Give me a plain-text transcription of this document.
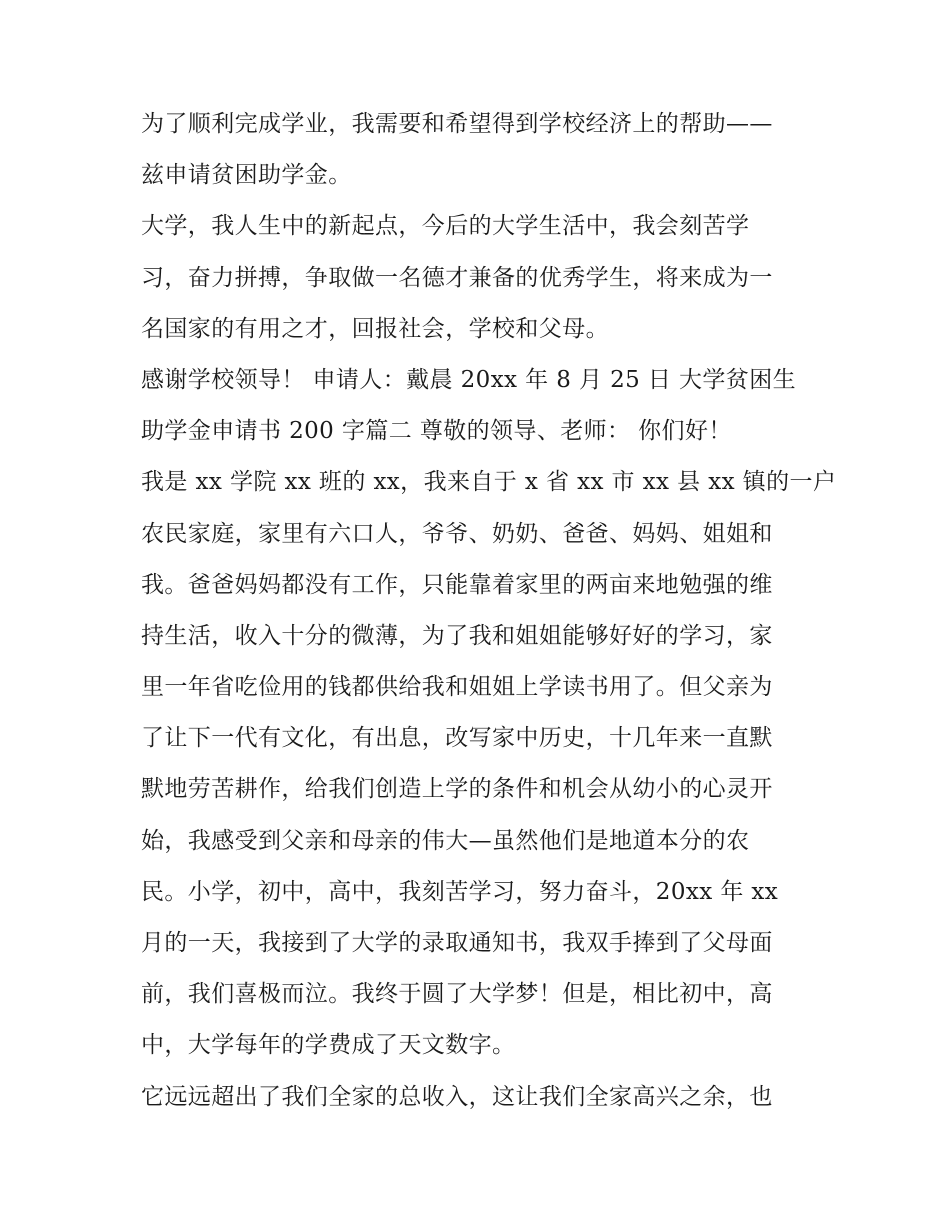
为了顺利完成学业，我需要和希望得到学校经济上的帮助——
兹申请贫困助学金。
大学，我人生中的新起点，今后的大学生活中，我会刻苦学
习，奋力拼搏，争取做一名德才兼备的优秀学生，将来成为一
名国家的有用之才，回报社会，学校和父母。
感谢学校领导！ 申请人：戴晨 20xx 年 8 月 25 日 大学贫困生
助学金申请书 200 字篇二 尊敬的领导、老师： 你们好！
我是 xx 学院 xx 班的 xx，我来自于 x 省 xx 市 xx 县 xx 镇的一户
农民家庭，家里有六口人，爷爷、奶奶、爸爸、妈妈、姐姐和
我。爸爸妈妈都没有工作，只能靠着家里的两亩来地勉强的维
持生活，收入十分的微薄，为了我和姐姐能够好好的学习，家
里一年省吃俭用的钱都供给我和姐姐上学读书用了。但父亲为
了让下一代有文化，有出息，改写家中历史，十几年来一直默
默地劳苦耕作，给我们创造上学的条件和机会从幼小的心灵开
始，我感受到父亲和母亲的伟大—虽然他们是地道本分的农
民。小学，初中，高中，我刻苦学习，努力奋斗，20xx 年 xx
月的一天，我接到了大学的录取通知书，我双手捧到了父母面
前，我们喜极而泣。我终于圆了大学梦！但是，相比初中，高
中，大学每年的学费成了天文数字。
它远远超出了我们全家的总收入，这让我们全家高兴之余，也
